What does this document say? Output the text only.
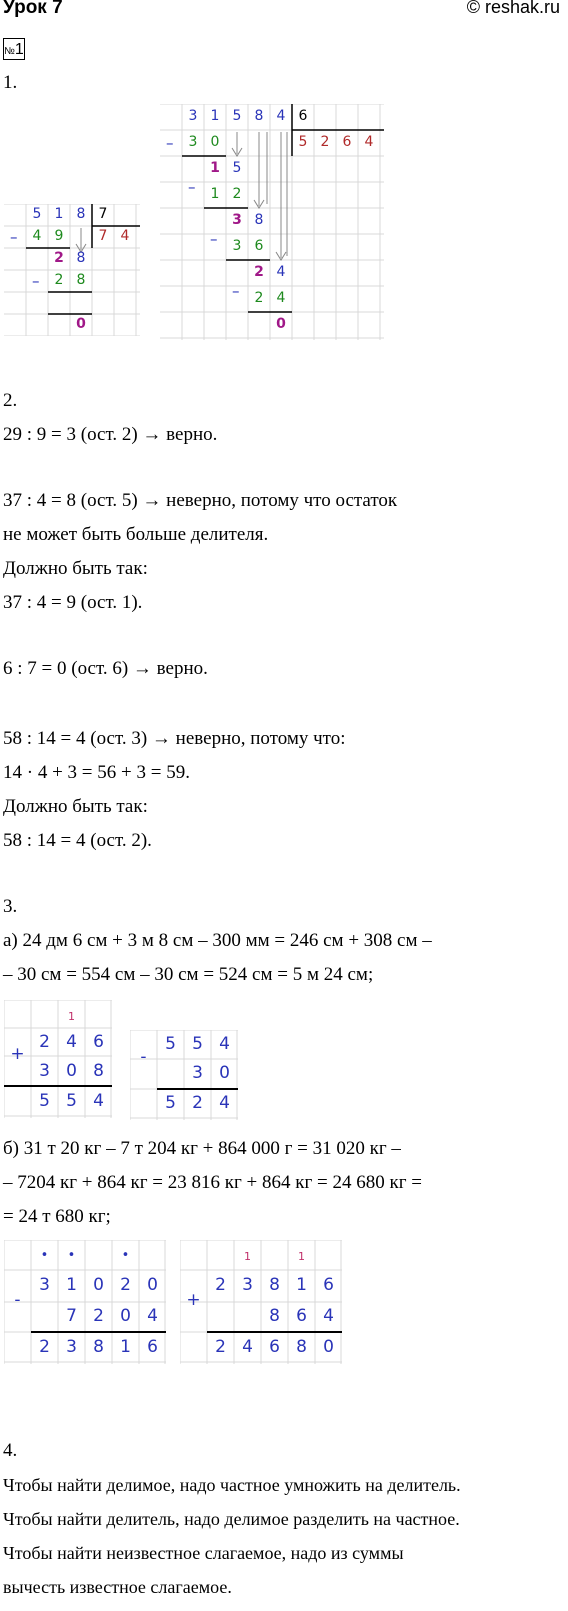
Урок 7	© reshak.ru
№1
1.
–
5 1 8 7
7 4
4 9
–
2 8
2 8
0
–
3 1 5 8 4 6
5 2 6 4
3 0
–
1 5
1 2
–
3 8
3 6
–
2 4
2 4
0
2.
29 : 9 = 3 (ост. 2) → верно.
37 : 4 = 8 (ост. 5) → неверно, потому что остаток
не может быть больше делителя.
Должно быть так:
37 : 4 = 9 (ост. 1).
6 : 7 = 0 (ост. 6) → верно.
58 : 14 = 4 (ост. 3) → неверно, потому что:
14 · 4 + 3 = 56 + 3 = 59.
Должно быть так:
58 : 14 = 4 (ост. 2).
3.
а) 24 дм 6 см + 3 м 8 см – 300 мм = 246 см + 308 см –
– 30 см = 554 см – 30 см = 524 см = 5 м 24 см;
1
+
2 4 6
3 0 8
5 5 4
-
5 5 4
3 0
5 2 4
б) 31 т 20 кг – 7 т 204 кг + 864 000 г = 31 020 кг –
– 7204 кг + 864 кг = 23 816 кг + 864 кг = 24 680 кг =
= 24 т 680 кг;
•	•	•
-
3 1 0 2 0
7 2 0 4
2 3 8 1 6
1	1
+
2 3 8 1 6
8 6 4
2 4 6 8 0
4.
Чтобы найти делимое, надо частное умножить на делитель.
Чтобы найти делитель, надо делимое разделить на частное.
Чтобы найти неизвестное слагаемое, надо из суммы
вычесть известное слагаемое.
